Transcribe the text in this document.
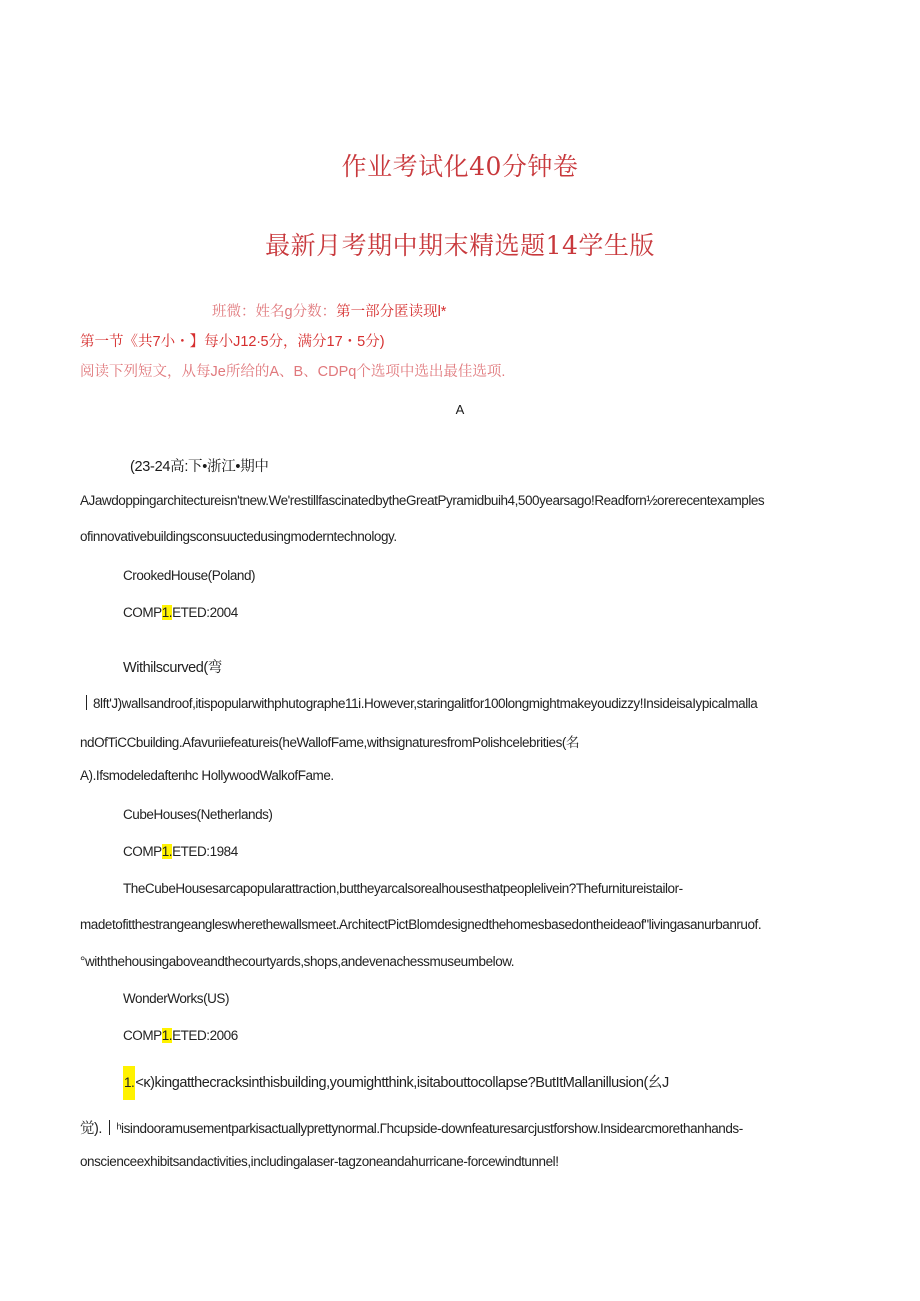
作业考试化40分钟卷
最新月考期中期末精选题14学生版
班微：姓名g分数：第一部分匿读现l*
第一节《共7小・】每小J12∙5分，满分17・5分)
阅读下列短文，从每Je所给的A、B、CDPq个选项中选出最佳选项.
A
(23-24高:下•浙江•期中
AJawdoppingarchitectureisn'tnew.We'restillfascinatedbytheGreatPyramidbuih4,500yearsago!Readforn½orerecentexamples
ofinnovativebuildingsconsuuctedusingmoderntechnology.
CrookedHouse(Poland)
COMP1.ETED:2004
Withilscurved(弯
8lft'J)wallsandroof,itispopularwithphutographe11i.However,staringalitfor100longmightmakeyoudizzy!InsideisaIypicalmalla
ndOfTiCCbuilding.Afavuriiefeatureis(heWallofFame,withsignaturesfromPolishcelebrities(名
A).Ifsmodeledafterιhc HollywoodWalkofFame.
CubeHouses(Netherlands)
COMP1.ETED:1984
TheCubeHousesarcapopularattraction,buttheyarcalsorealhousesthatpeoplelivein?Thefurnitureistailor-
madetofitthestrangeangleswherethewallsmeet.ArchitectPictBlomdesignedthehomesbasedontheideaof"livingasanurbanruof.
°withthehousingaboveandthecourtyards,shops,andevenachessmuseumbelow.
WonderWorks(US)
COMP1.ETED:2006
1.<κ)kingatthecracksinthisbuilding,youmightthink,isitabouttocollapse?ButItMallanillusion(幺J
觉). ʰisindooramusementparkisactuallyprettynormal.Γhcupside-downfeaturesarcjustforshow.Insidearcmorethanhands-
onscienceexhibitsandactivities,includingalaser-tagzoneandahurricane-forcewindtunnel!
